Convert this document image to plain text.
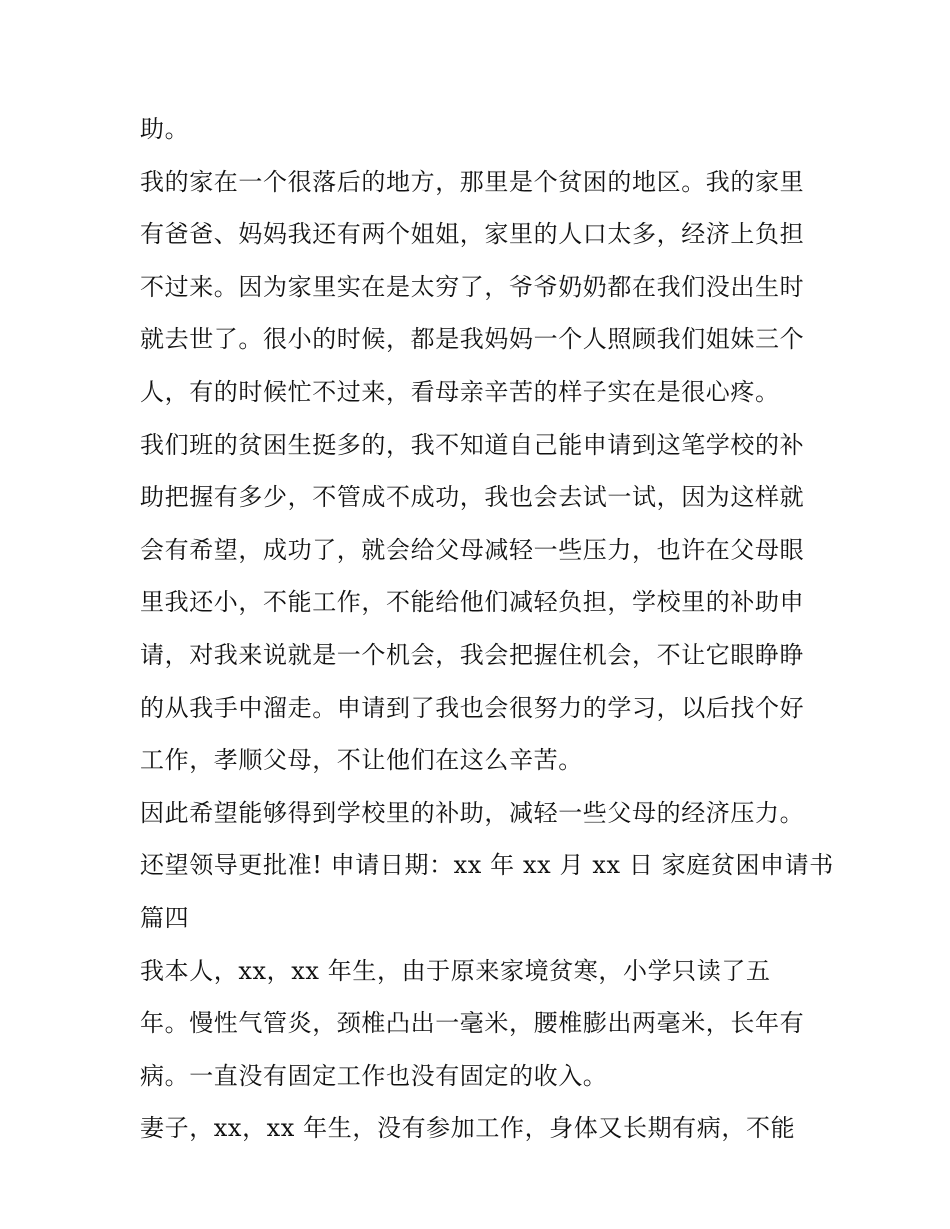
助。
我的家在一个很落后的地方，那里是个贫困的地区。我的家里
有爸爸、妈妈我还有两个姐姐，家里的人口太多，经济上负担
不过来。因为家里实在是太穷了，爷爷奶奶都在我们没出生时
就去世了。很小的时候，都是我妈妈一个人照顾我们姐妹三个
人，有的时候忙不过来，看母亲辛苦的样子实在是很心疼。
我们班的贫困生挺多的，我不知道自己能申请到这笔学校的补
助把握有多少，不管成不成功，我也会去试一试，因为这样就
会有希望，成功了，就会给父母减轻一些压力，也许在父母眼
里我还小，不能工作，不能给他们减轻负担，学校里的补助申
请，对我来说就是一个机会，我会把握住机会，不让它眼睁睁
的从我手中溜走。申请到了我也会很努力的学习，以后找个好
工作，孝顺父母，不让他们在这么辛苦。
因此希望能够得到学校里的补助，减轻一些父母的经济压力。
还望领导更批准! 申请日期：xx 年 xx 月 xx 日 家庭贫困申请书
篇四
我本人，xx，xx 年生，由于原来家境贫寒，小学只读了五
年。慢性气管炎，颈椎凸出一毫米，腰椎膨出两毫米，长年有
病。一直没有固定工作也没有固定的收入。
妻子，xx，xx 年生，没有参加工作，身体又长期有病，不能
